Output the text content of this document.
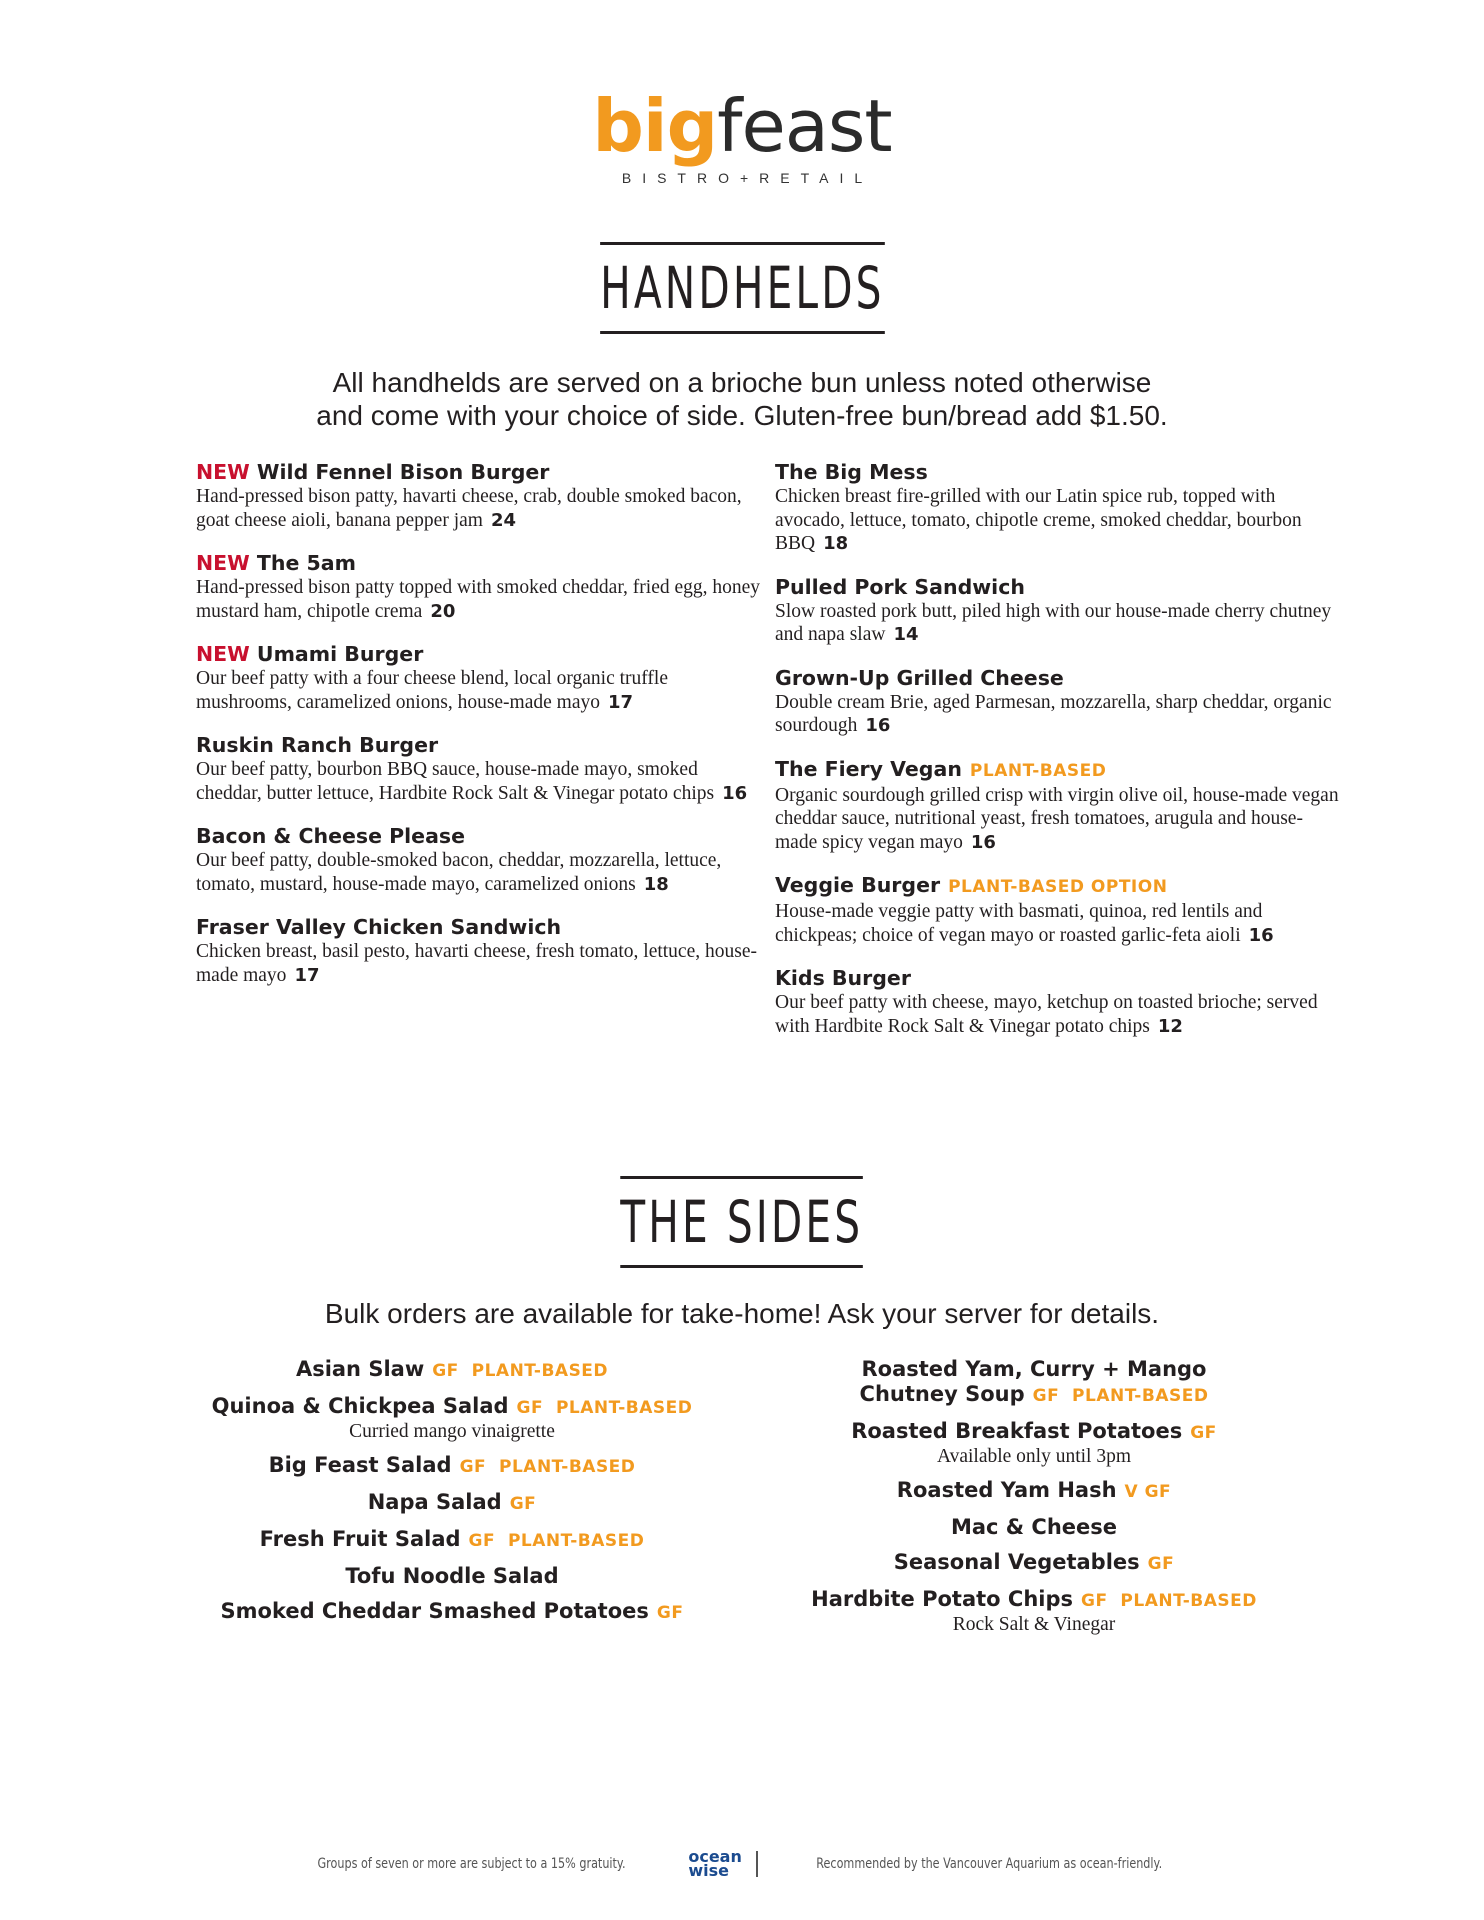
bigfeast
BISTRO+RETAIL
HANDHELDS
All handhelds are served on a brioche bun unless noted otherwise
and come with your choice of side. Gluten-free bun/bread add $1.50.
NEW Wild Fennel Bison Burger
Hand-pressed bison patty, havarti cheese, crab, double smoked bacon, goat cheese aioli, banana pepper jam 24
NEW The 5am
Hand-pressed bison patty topped with smoked cheddar, fried egg, honey mustard ham, chipotle crema 20
NEW Umami Burger
Our beef patty with a four cheese blend, local organic truffle mushrooms, caramelized onions, house-made mayo 17
Ruskin Ranch Burger
Our beef patty, bourbon BBQ sauce, house-made mayo, smoked cheddar, butter lettuce, Hardbite Rock Salt & Vinegar potato chips 16
Bacon & Cheese Please
Our beef patty, double-smoked bacon, cheddar, mozzarella, lettuce, tomato, mustard, house-made mayo, caramelized onions 18
Fraser Valley Chicken Sandwich
Chicken breast, basil pesto, havarti cheese, fresh tomato, lettuce, house-made mayo 17
The Big Mess
Chicken breast fire-grilled with our Latin spice rub, topped with avocado, lettuce, tomato, chipotle creme, smoked cheddar, bourbon BBQ 18
Pulled Pork Sandwich
Slow roasted pork butt, piled high with our house-made cherry chutney and napa slaw 14
Grown-Up Grilled Cheese
Double cream Brie, aged Parmesan, mozzarella, sharp cheddar, organic sourdough 16
The Fiery Vegan PLANT-BASED
Organic sourdough grilled crisp with virgin olive oil, house-made vegan cheddar sauce, nutritional yeast, fresh tomatoes, arugula and house-made spicy vegan mayo 16
Veggie Burger PLANT-BASED OPTION
House-made veggie patty with basmati, quinoa, red lentils and chickpeas; choice of vegan mayo or roasted garlic-feta aioli 16
Kids Burger
Our beef patty with cheese, mayo, ketchup on toasted brioche; served with Hardbite Rock Salt & Vinegar potato chips 12
THE SIDES
Bulk orders are available for take-home! Ask your server for details.
Asian Slaw GF  PLANT-BASED
Quinoa & Chickpea Salad GF  PLANT-BASED
Curried mango vinaigrette
Big Feast Salad GF  PLANT-BASED
Napa Salad GF
Fresh Fruit Salad GF  PLANT-BASED
Tofu Noodle Salad
Smoked Cheddar Smashed Potatoes GF
Roasted Yam, Curry + Mango Chutney Soup GF  PLANT-BASED
Roasted Breakfast Potatoes GF
Available only until 3pm
Roasted Yam Hash V GF
Mac & Cheese
Seasonal Vegetables GF
Hardbite Potato Chips GF  PLANT-BASED
Rock Salt & Vinegar
Groups of seven or more are subject to a 15% gratuity.	ocean
wise	Recommended by the Vancouver Aquarium as ocean-friendly.
